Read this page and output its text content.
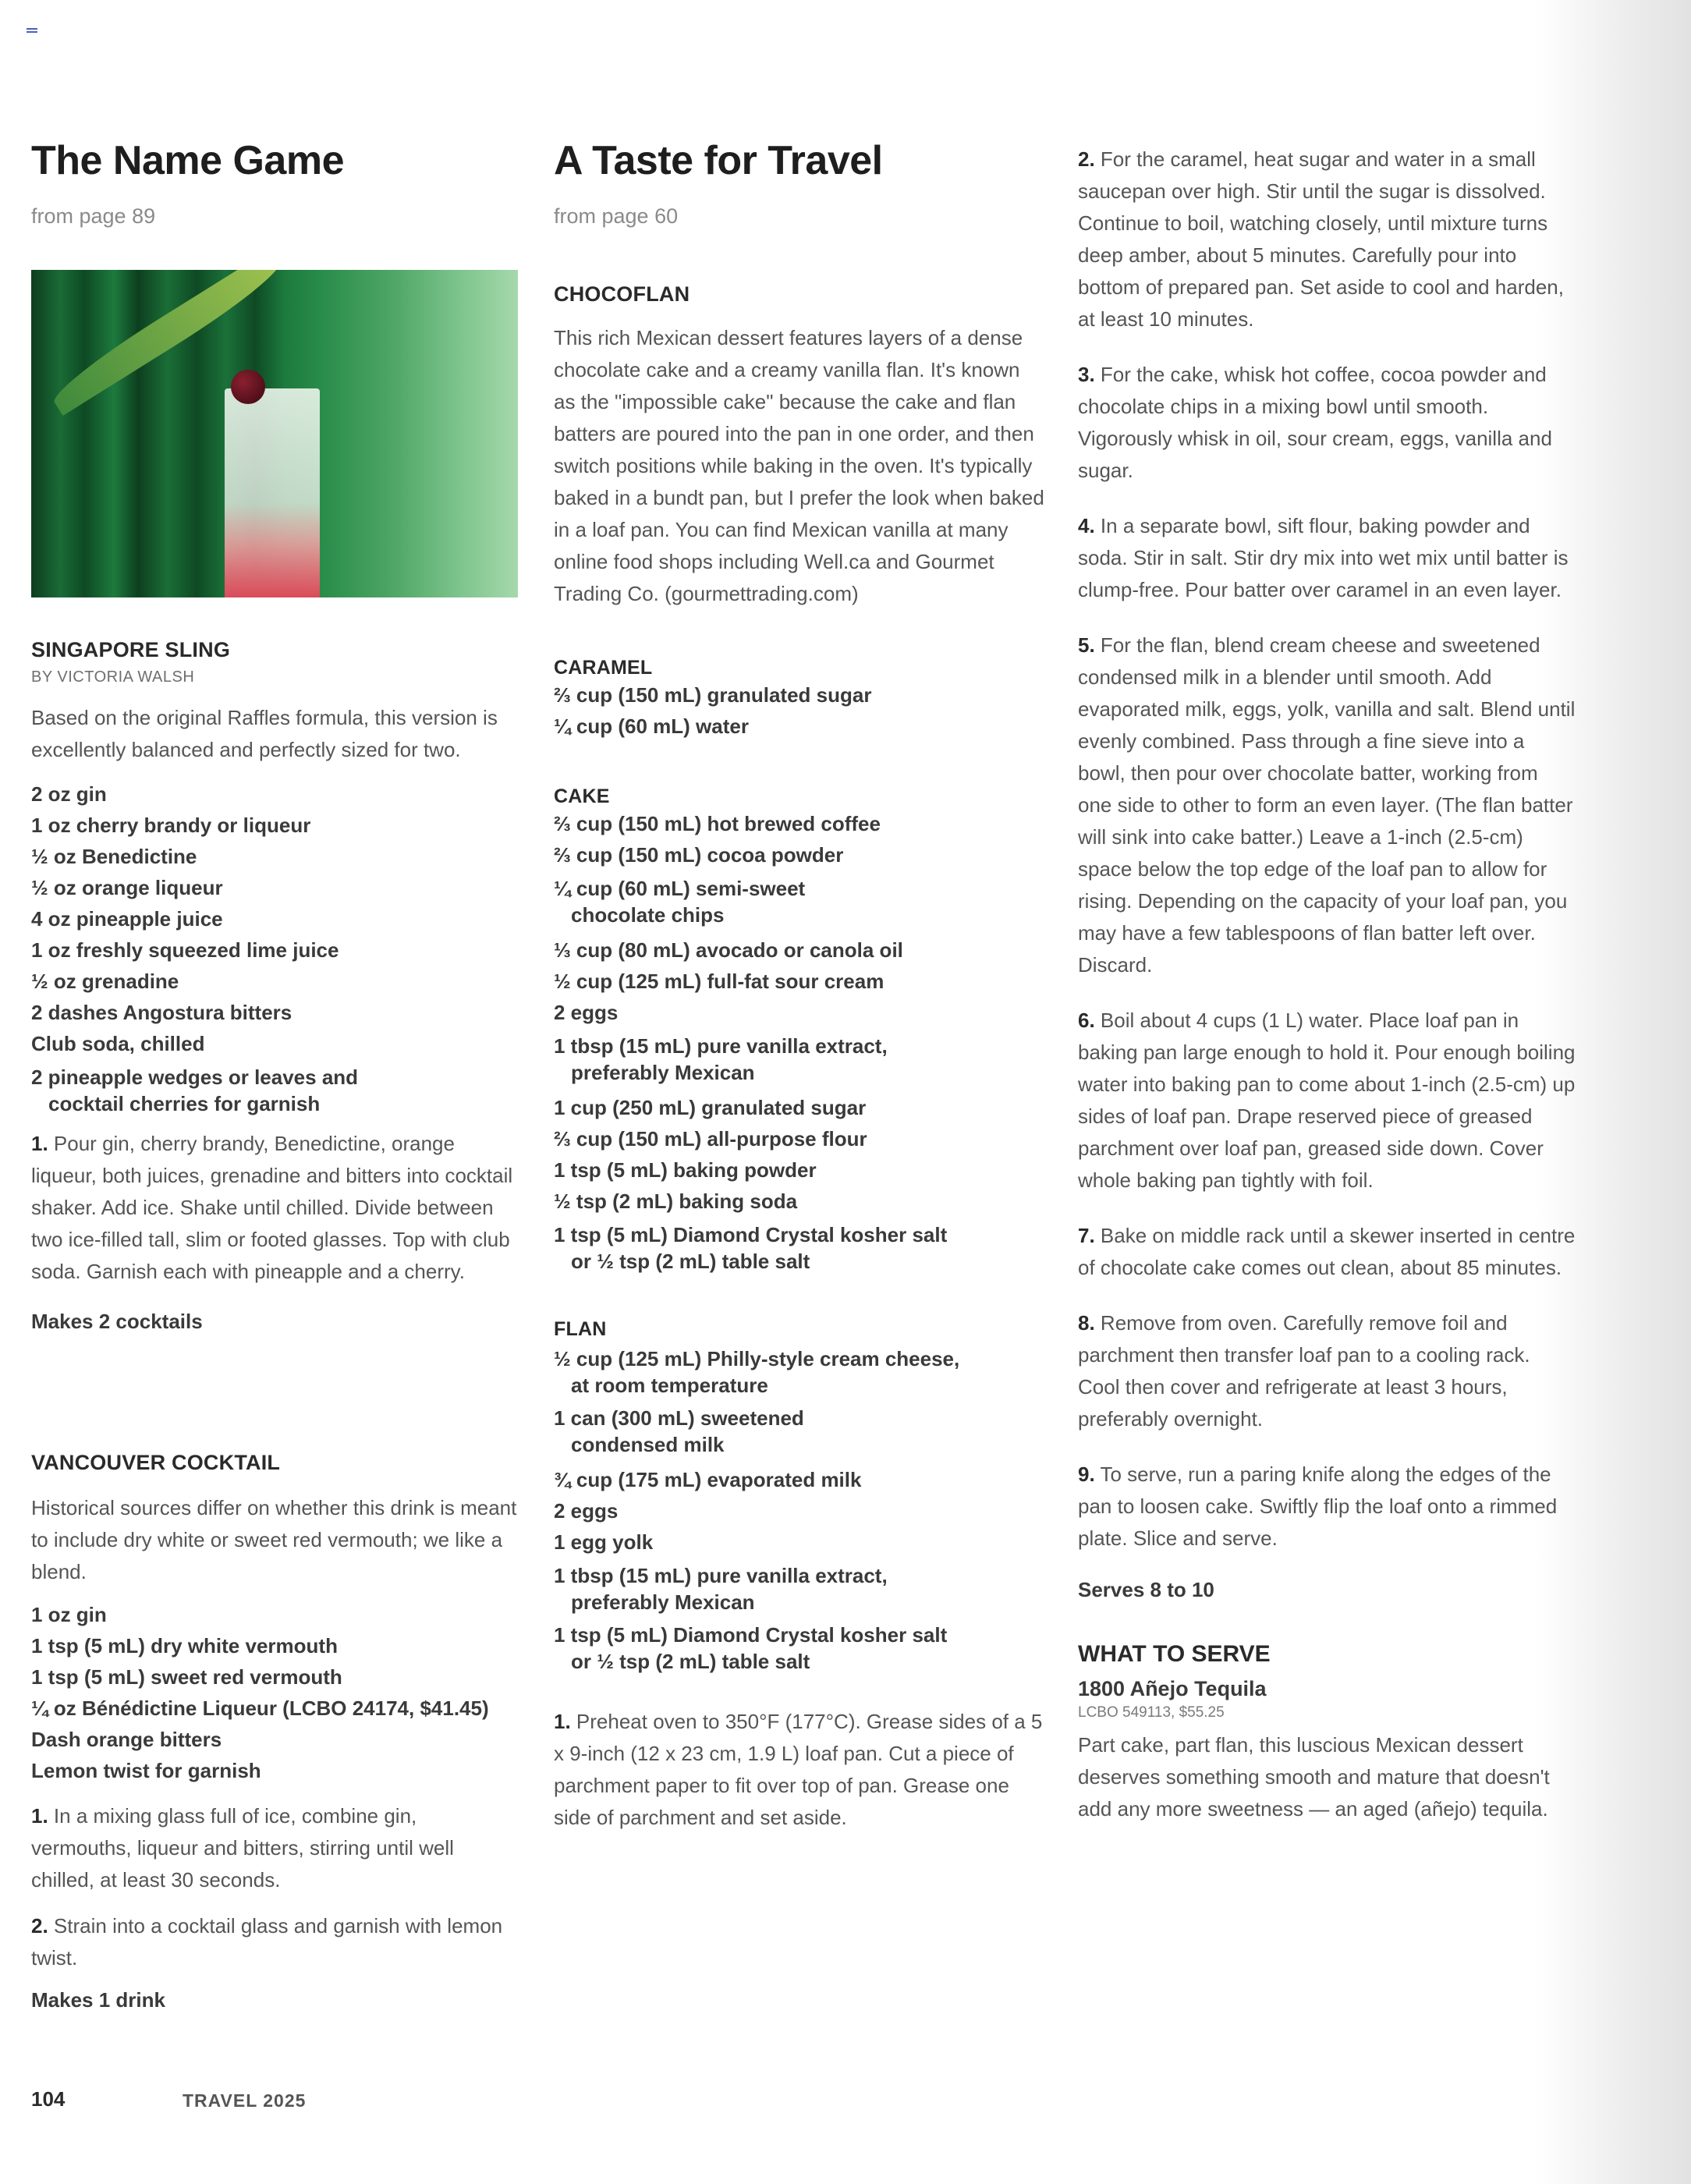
The Name Game
from page 89
SINGAPORE SLING
BY VICTORIA WALSH

Based on the original Raffles formula, this version is excellently balanced and perfectly sized for two.

2 oz gin
1 oz cherry brandy or liqueur
½ oz Benedictine
½ oz orange liqueur
4 oz pineapple juice
1 oz freshly squeezed lime juice
½ oz grenadine
2 dashes Angostura bitters
Club soda, chilled
2 pineapple wedges or leaves and
cocktail cherries for garnish

1. Pour gin, cherry brandy, Benedictine, orange liqueur, both juices, grenadine and bitters into cocktail shaker. Add ice. Shake until chilled. Divide between two ice-filled tall, slim or footed glasses. Top with club soda. Garnish each with pineapple and a cherry.

Makes 2 cocktails
VANCOUVER COCKTAIL

Historical sources differ on whether this drink is meant to include dry white or sweet red vermouth; we like a blend.

1 oz gin
1 tsp (5 mL) dry white vermouth
1 tsp (5 mL) sweet red vermouth
¼ oz Bénédictine Liqueur (LCBO 24174, $41.45)
Dash orange bitters
Lemon twist for garnish

1. In a mixing glass full of ice, combine gin, vermouths, liqueur and bitters, stirring until well chilled, at least 30 seconds.

2. Strain into a cocktail glass and garnish with lemon twist.

Makes 1 drink
A Taste for Travel
from page 60
CHOCOFLAN

This rich Mexican dessert features layers of a dense chocolate cake and a creamy vanilla flan. It's known as the "impossible cake" because the cake and flan batters are poured into the pan in one order, and then switch positions while baking in the oven. It's typically baked in a bundt pan, but I prefer the look when baked in a loaf pan. You can find Mexican vanilla at many online food shops including Well.ca and Gourmet Trading Co. (gourmettrading.com)

CARAMEL
⅔ cup (150 mL) granulated sugar
¼ cup (60 mL) water
CAKE
⅔ cup (150 mL) hot brewed coffee
⅔ cup (150 mL) cocoa powder
¼ cup (60 mL) semi-sweet
chocolate chips
⅓ cup (80 mL) avocado or canola oil
½ cup (125 mL) full-fat sour cream
2 eggs
1 tbsp (15 mL) pure vanilla extract,
preferably Mexican
1 cup (250 mL) granulated sugar
⅔ cup (150 mL) all-purpose flour
1 tsp (5 mL) baking powder
½ tsp (2 mL) baking soda
1 tsp (5 mL) Diamond Crystal kosher salt
or ½ tsp (2 mL) table salt
FLAN
½ cup (125 mL) Philly-style cream cheese,
at room temperature
1 can (300 mL) sweetened
condensed milk
¾ cup (175 mL) evaporated milk
2 eggs
1 egg yolk
1 tbsp (15 mL) pure vanilla extract,
preferably Mexican
1 tsp (5 mL) Diamond Crystal kosher salt
or ½ tsp (2 mL) table salt

1. Preheat oven to 350°F (177°C). Grease sides of a 5 x 9-inch (12 x 23 cm, 1.9 L) loaf pan. Cut a piece of parchment paper to fit over top of pan. Grease one side of parchment and set aside.

2. For the caramel, heat sugar and water in a small saucepan over high. Stir until the sugar is dissolved. Continue to boil, watching closely, until mixture turns deep amber, about 5 minutes. Carefully pour into bottom of prepared pan. Set aside to cool and harden, at least 10 minutes.

3. For the cake, whisk hot coffee, cocoa powder and chocolate chips in a mixing bowl until smooth. Vigorously whisk in oil, sour cream, eggs, vanilla and sugar.

4. In a separate bowl, sift flour, baking powder and soda. Stir in salt. Stir dry mix into wet mix until batter is clump-free. Pour batter over caramel in an even layer.

5. For the flan, blend cream cheese and sweetened condensed milk in a blender until smooth. Add evaporated milk, eggs, yolk, vanilla and salt. Blend until evenly combined. Pass through a fine sieve into a bowl, then pour over chocolate batter, working from one side to other to form an even layer. (The flan batter will sink into cake batter.) Leave a 1-inch (2.5-cm) space below the top edge of the loaf pan to allow for rising. Depending on the capacity of your loaf pan, you may have a few tablespoons of flan batter left over. Discard.

6. Boil about 4 cups (1 L) water. Place loaf pan in baking pan large enough to hold it. Pour enough boiling water into baking pan to come about 1-inch (2.5-cm) up sides of loaf pan. Drape reserved piece of greased parchment over loaf pan, greased side down. Cover whole baking pan tightly with foil.

7. Bake on middle rack until a skewer inserted in centre of chocolate cake comes out clean, about 85 minutes.

8. Remove from oven. Carefully remove foil and parchment then transfer loaf pan to a cooling rack. Cool then cover and refrigerate at least 3 hours, preferably overnight.

9. To serve, run a paring knife along the edges of the pan to loosen cake. Swiftly flip the loaf onto a rimmed plate. Slice and serve.

Serves 8 to 10
WHAT TO SERVE
1800 Añejo Tequila
LCBO 549113, $55.25

Part cake, part flan, this luscious Mexican dessert deserves something smooth and mature that doesn't add any more sweetness — an aged (añejo) tequila.

104	TRAVEL 2025
